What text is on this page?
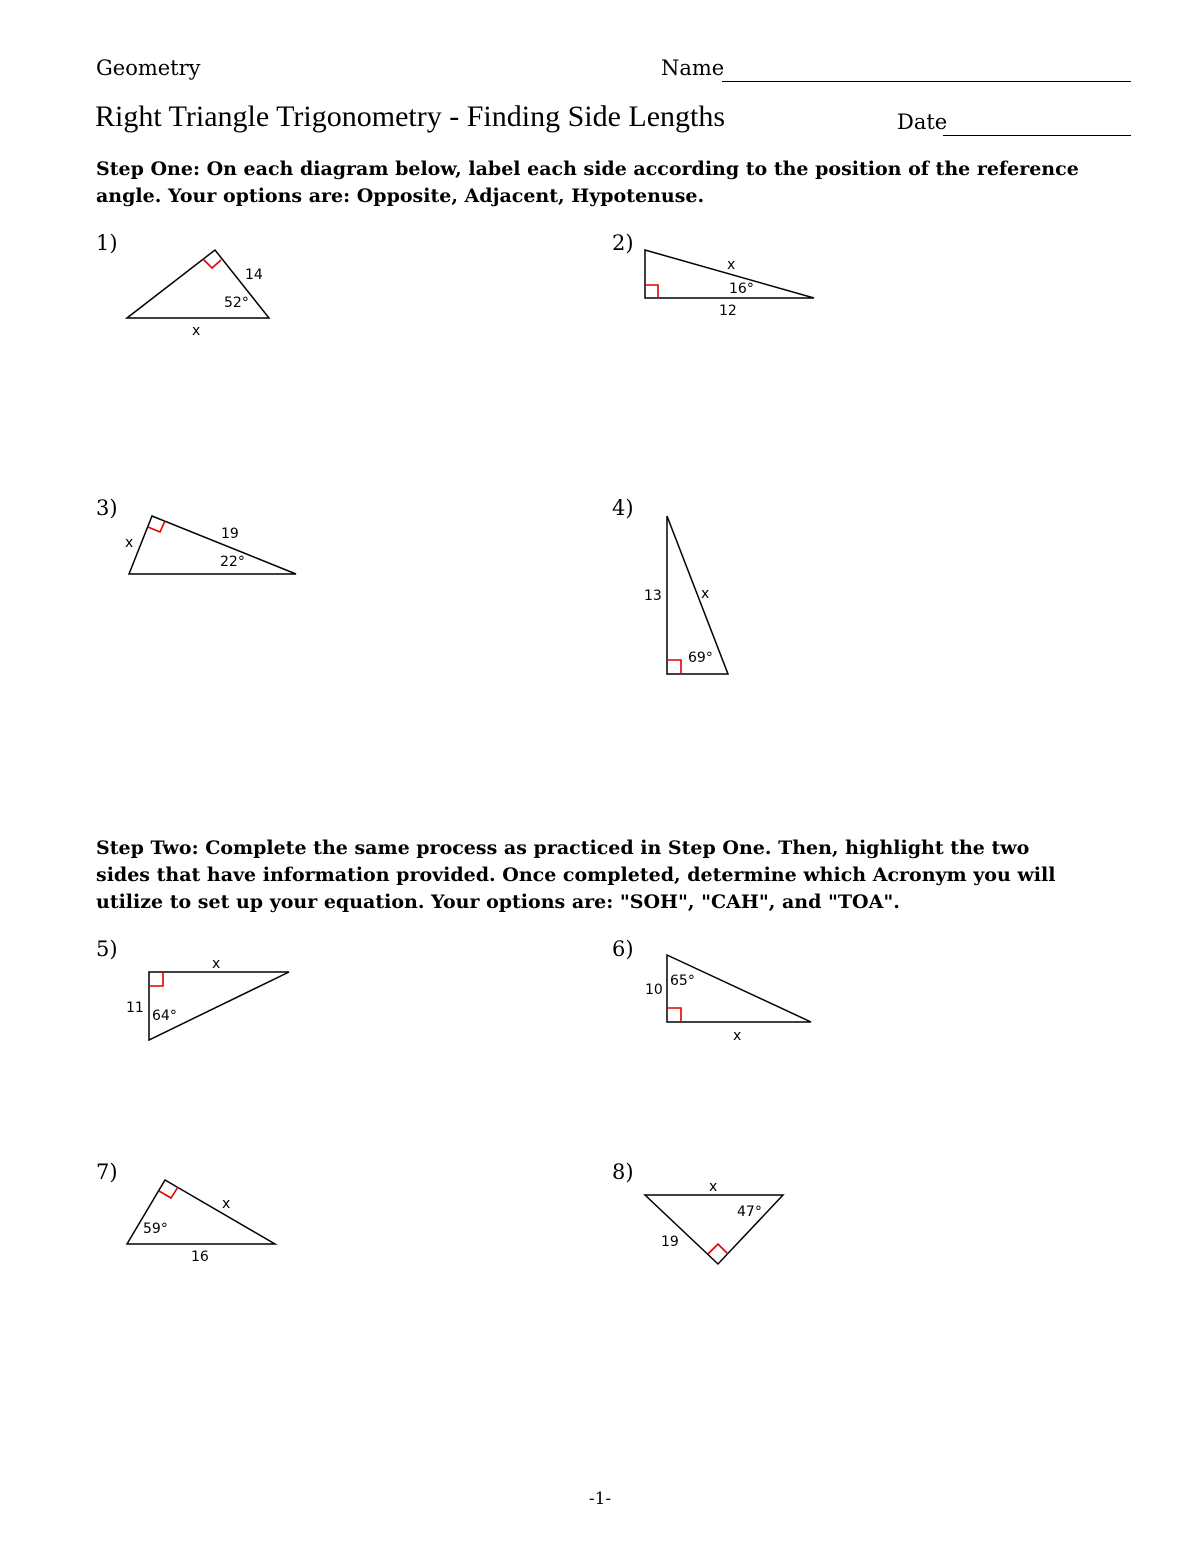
Geometry	Name
Right Triangle Trigonometry - Finding Side Lengths	Date
Step One: On each diagram below, label each side according to the position of the reference angle. Your options are: Opposite, Adjacent, Hypotenuse.
Step Two: Complete the same process as practiced in Step One. Then, highlight the two sides that have information provided. Once completed, determine which Acronym you will utilize to set up your equation. Your options are: "SOH", "CAH", and "TOA".
1)	2)
3)	4)
5)	6)
7)	8)
14
52°
x
x
16°
12
x
19
22°
13	x
69°
x
11 64°
10
65°
x
x
59°
16
x
47°
19
-1-
